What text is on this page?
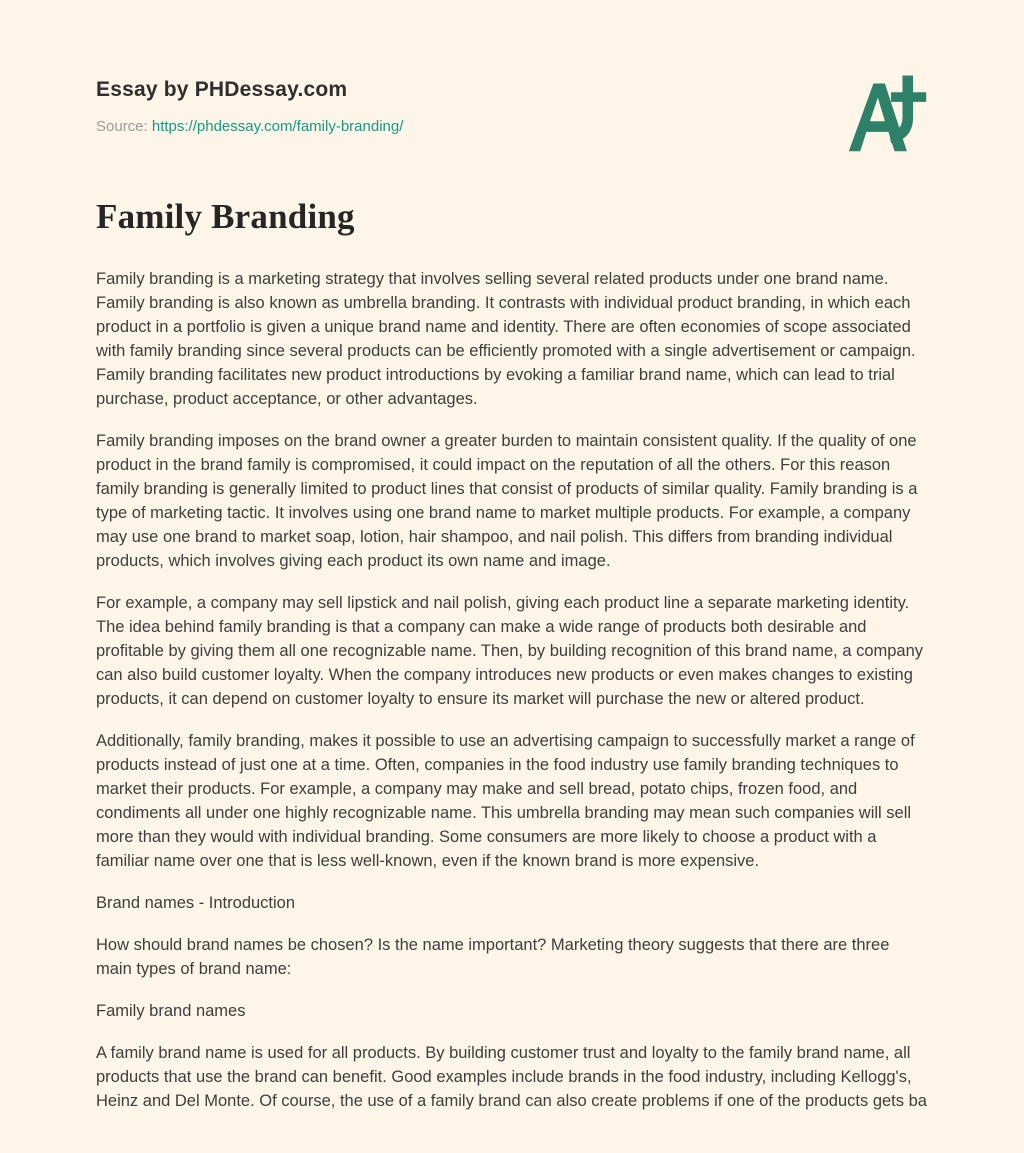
Essay by PHDessay.com
Source: https://phdessay.com/family-branding/
Family Branding

Family branding is a marketing strategy that involves selling several related products under one brand name. Family branding is also known as umbrella branding. It contrasts with individual product branding, in which each product in a portfolio is given a unique brand name and identity. There are often economies of scope associated with family branding since several products can be efficiently promoted with a single advertisement or campaign. Family branding facilitates new product introductions by evoking a familiar brand name, which can lead to trial purchase, product acceptance, or other advantages.

Family branding imposes on the brand owner a greater burden to maintain consistent quality. If the quality of one product in the brand family is compromised, it could impact on the reputation of all the others. For this reason family branding is generally limited to product lines that consist of products of similar quality. Family branding is a type of marketing tactic. It involves using one brand name to market multiple products. For example, a company may use one brand to market soap, lotion, hair shampoo, and nail polish. This differs from branding individual products, which involves giving each product its own name and image.

For example, a company may sell lipstick and nail polish, giving each product line a separate marketing identity. The idea behind family branding is that a company can make a wide range of products both desirable and profitable by giving them all one recognizable name. Then, by building recognition of this brand name, a company can also build customer loyalty. When the company introduces new products or even makes changes to existing products, it can depend on customer loyalty to ensure its market will purchase the new or altered product.

Additionally, family branding, makes it possible to use an advertising campaign to successfully market a range of products instead of just one at a time. Often, companies in the food industry use family branding techniques to market their products. For example, a company may make and sell bread, potato chips, frozen food, and condiments all under one highly recognizable name. This umbrella branding may mean such companies will sell more than they would with individual branding. Some consumers are more likely to choose a product with a familiar name over one that is less well-known, even if the known brand is more expensive.

Brand names - Introduction

How should brand names be chosen? Is the name important? Marketing theory suggests that there are three main types of brand name:

Family brand names

A family brand name is used for all products. By building customer trust and loyalty to the family brand name, all products that use the brand can benefit. Good examples include brands in the food industry, including Kellogg's, Heinz and Del Monte. Of course, the use of a family brand can also create problems if one of the products gets ba
